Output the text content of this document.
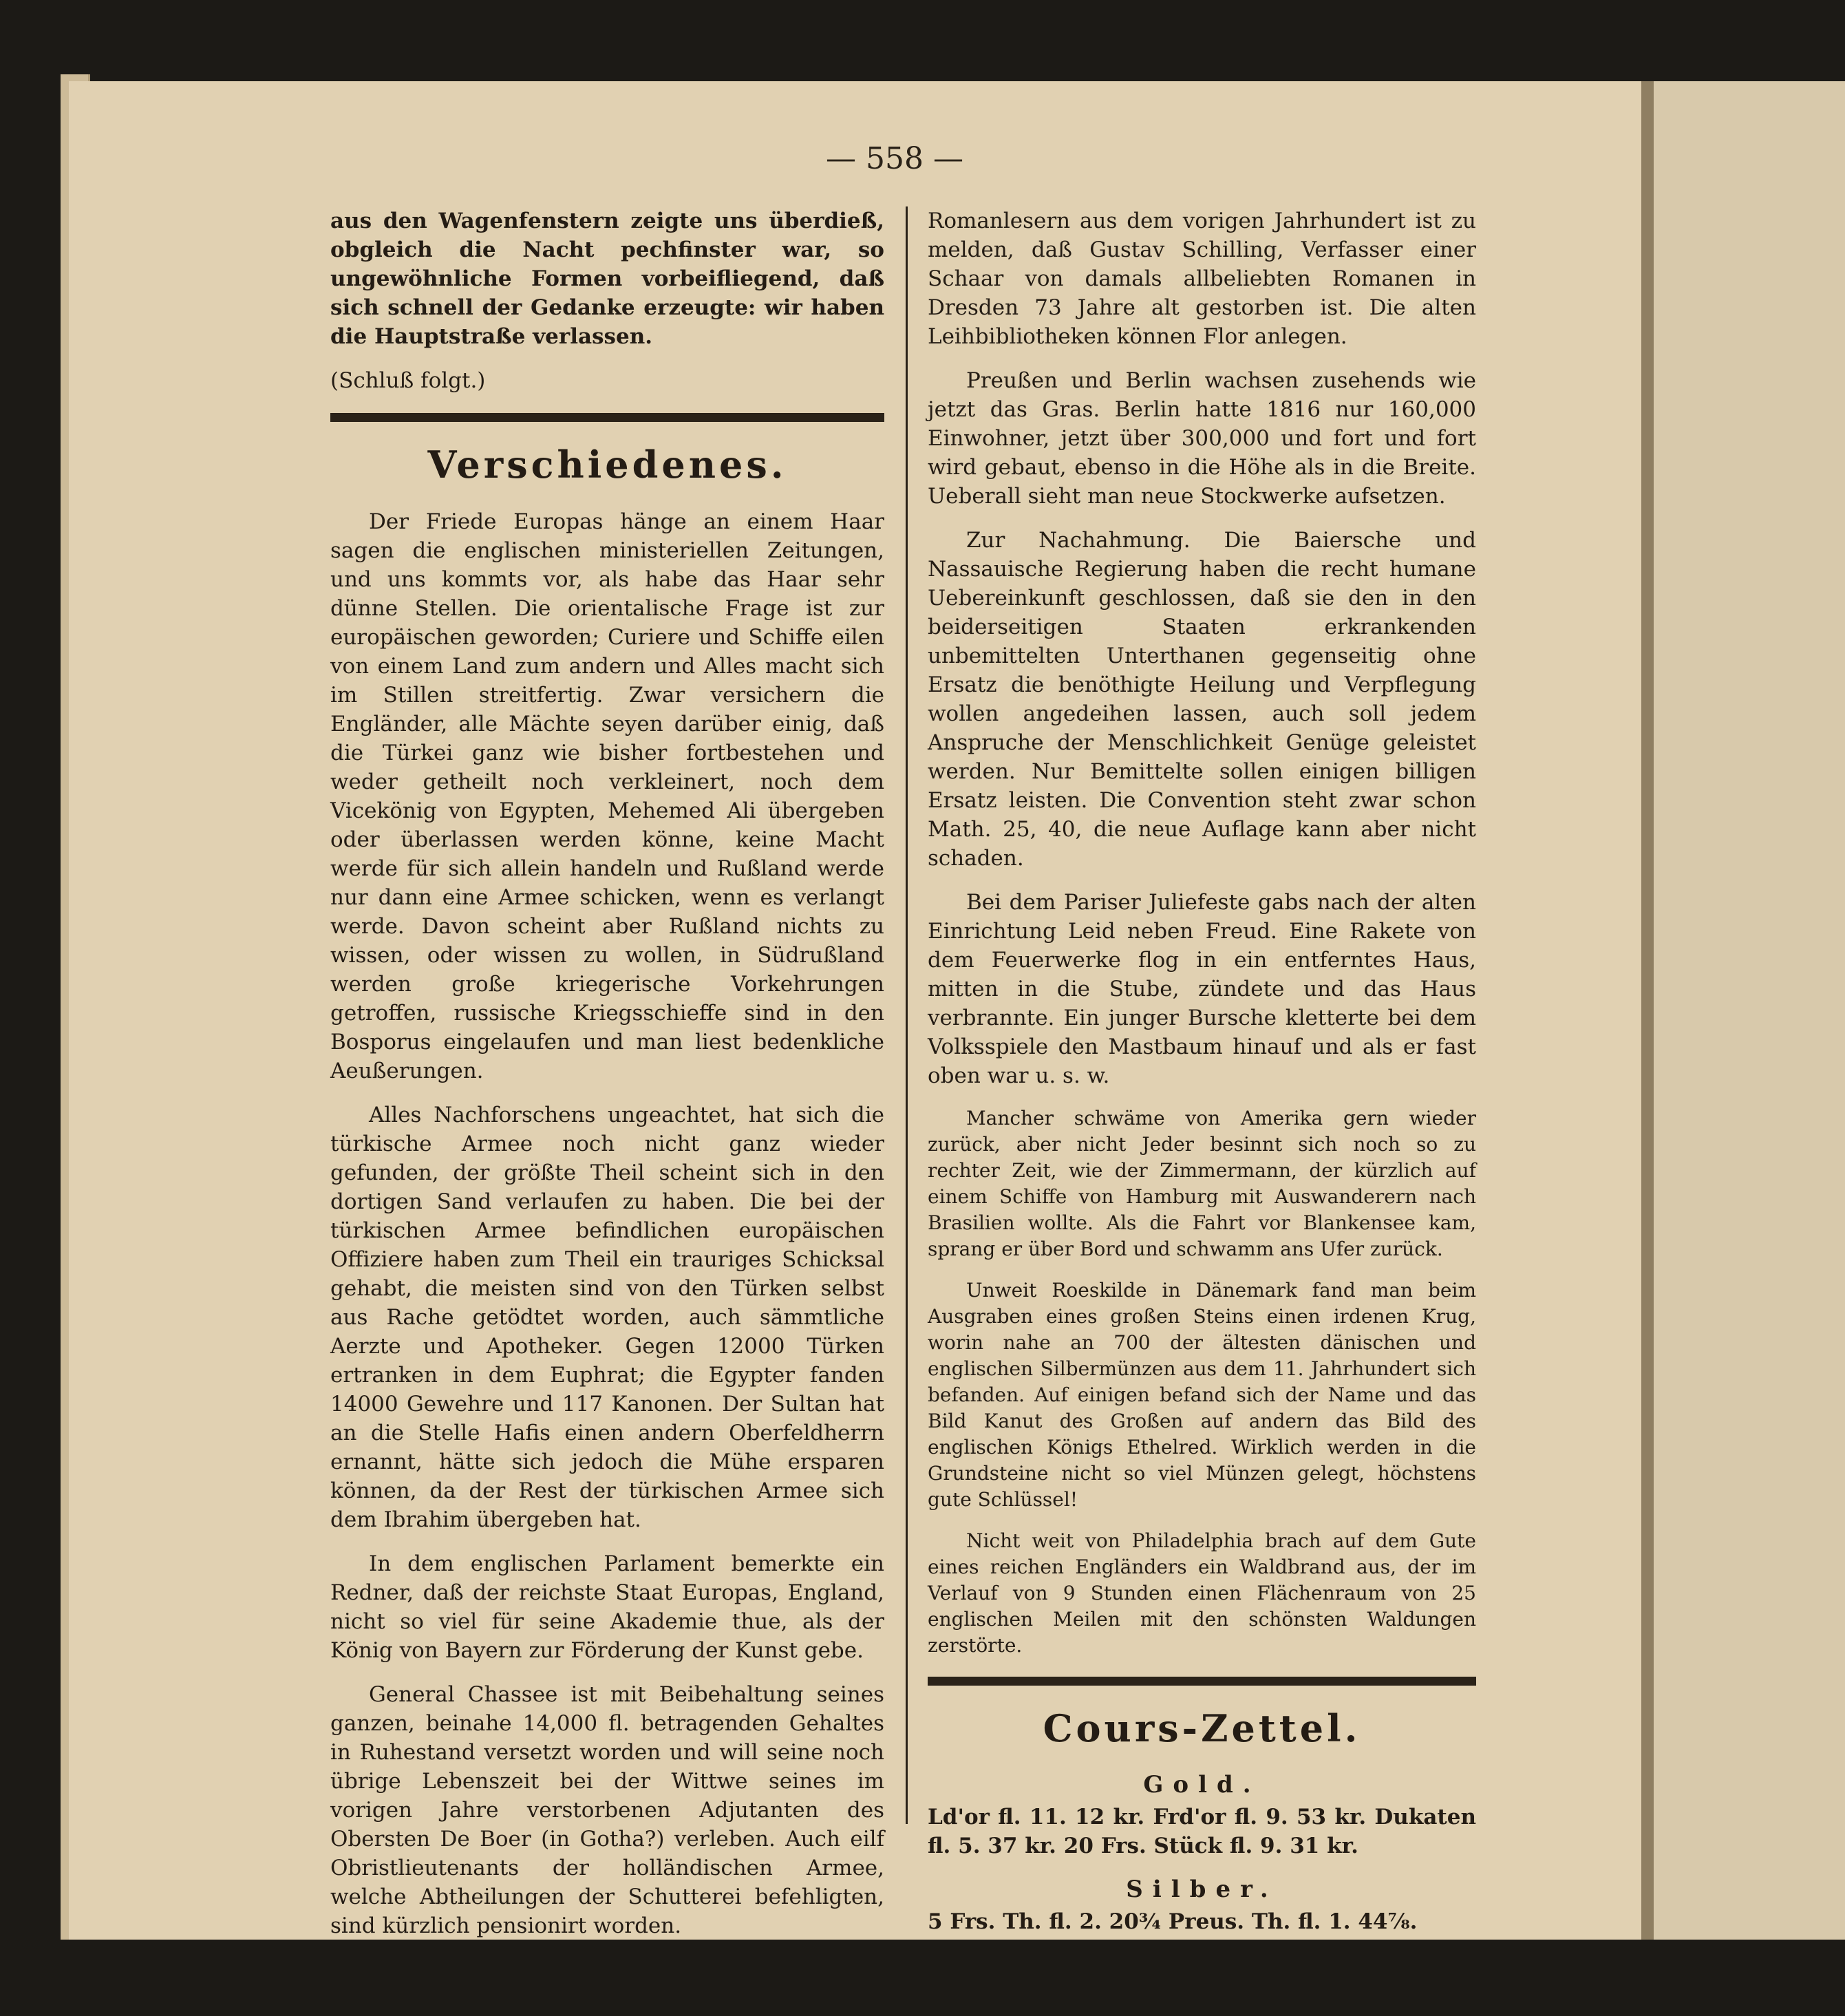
— 558 —

aus den Wagenfenstern zeigte uns überdieß, obgleich die Nacht pechfinster war, so ungewöhnliche Formen vorbeifliegend, daß sich schnell der Gedanke erzeugte: wir haben die Hauptstraße verlassen.

(Schluß folgt.)

Verschiedenes.

Der Friede Europas hänge an einem Haar sagen die englischen ministeriellen Zeitungen, und uns kommts vor, als habe das Haar sehr dünne Stellen. Die orientalische Frage ist zur europäischen geworden; Curiere und Schiffe eilen von einem Land zum andern und Alles macht sich im Stillen streitfertig. Zwar versichern die Engländer, alle Mächte seyen darüber einig, daß die Türkei ganz wie bisher fortbestehen und weder getheilt noch verkleinert, noch dem Vicekönig von Egypten, Mehemed Ali übergeben oder überlassen werden könne, keine Macht werde für sich allein handeln und Rußland werde nur dann eine Armee schicken, wenn es verlangt werde. Davon scheint aber Rußland nichts zu wissen, oder wissen zu wollen, in Südrußland werden große kriegerische Vorkehrungen getroffen, russische Kriegsschieffe sind in den Bosporus eingelaufen und man liest bedenkliche Aeußerungen.

Alles Nachforschens ungeachtet, hat sich die türkische Armee noch nicht ganz wieder gefunden, der größte Theil scheint sich in den dortigen Sand verlaufen zu haben. Die bei der türkischen Armee befindlichen europäischen Offiziere haben zum Theil ein trauriges Schicksal gehabt, die meisten sind von den Türken selbst aus Rache getödtet worden, auch sämmtliche Aerzte und Apotheker. Gegen 12000 Türken ertranken in dem Euphrat; die Egypter fanden 14000 Gewehre und 117 Kanonen. Der Sultan hat an die Stelle Hafis einen andern Oberfeldherrn ernannt, hätte sich jedoch die Mühe ersparen können, da der Rest der türkischen Armee sich dem Ibrahim übergeben hat.

In dem englischen Parlament bemerkte ein Redner, daß der reichste Staat Europas, England, nicht so viel für seine Akademie thue, als der König von Bayern zur Förderung der Kunst gebe.

General Chassee ist mit Beibehaltung seines ganzen, beinahe 14,000 fl. betragenden Gehaltes in Ruhestand versetzt worden und will seine noch übrige Lebenszeit bei der Wittwe seines im vorigen Jahre verstorbenen Adjutanten des Obersten De Boer (in Gotha?) verleben. Auch eilf Obristlieutenants der holländischen Armee, welche Abtheilungen der Schutterei befehligten, sind kürzlich pensionirt worden.

Romanlesern aus dem vorigen Jahrhundert ist zu melden, daß Gustav Schilling, Verfasser einer Schaar von damals allbeliebten Romanen in Dresden 73 Jahre alt gestorben ist. Die alten Leihbibliotheken können Flor anlegen.

Preußen und Berlin wachsen zusehends wie jetzt das Gras. Berlin hatte 1816 nur 160,000 Einwohner, jetzt über 300,000 und fort und fort wird gebaut, ebenso in die Höhe als in die Breite. Ueberall sieht man neue Stockwerke aufsetzen.

Zur Nachahmung. Die Baiersche und Nassauische Regierung haben die recht humane Uebereinkunft geschlossen, daß sie den in den beiderseitigen Staaten erkrankenden unbemittelten Unterthanen gegenseitig ohne Ersatz die benöthigte Heilung und Verpflegung wollen angedeihen lassen, auch soll jedem Anspruche der Menschlichkeit Genüge geleistet werden. Nur Bemittelte sollen einigen billigen Ersatz leisten. Die Convention steht zwar schon Math. 25, 40, die neue Auflage kann aber nicht schaden.

Bei dem Pariser Juliefeste gabs nach der alten Einrichtung Leid neben Freud. Eine Rakete von dem Feuerwerke flog in ein entferntes Haus, mitten in die Stube, zündete und das Haus verbrannte. Ein junger Bursche kletterte bei dem Volksspiele den Mastbaum hinauf und als er fast oben war u. s. w.

Mancher schwäme von Amerika gern wieder zurück, aber nicht Jeder besinnt sich noch so zu rechter Zeit, wie der Zimmermann, der kürzlich auf einem Schiffe von Hamburg mit Auswanderern nach Brasilien wollte. Als die Fahrt vor Blankensee kam, sprang er über Bord und schwamm ans Ufer zurück.

Unweit Roeskilde in Dänemark fand man beim Ausgraben eines großen Steins einen irdenen Krug, worin nahe an 700 der ältesten dänischen und englischen Silbermünzen aus dem 11. Jahrhundert sich befanden. Auf einigen befand sich der Name und das Bild Kanut des Großen auf andern das Bild des englischen Königs Ethelred. Wirklich werden in die Grundsteine nicht so viel Münzen gelegt, höchstens gute Schlüssel!

Nicht weit von Philadelphia brach auf dem Gute eines reichen Engländers ein Waldbrand aus, der im Verlauf von 9 Stunden einen Flächenraum von 25 englischen Meilen mit den schönsten Waldungen zerstörte.

Cours-Zettel.
Gold.

Ld'or fl. 11. 12 kr. Frd'or fl. 9. 53 kr. Dukaten fl. 5. 37 kr. 20 Frs. Stück fl. 9. 31 kr.

Silber.

5 Frs. Th. fl. 2. 20¾ Preus. Th. fl. 1. 44⅞.
